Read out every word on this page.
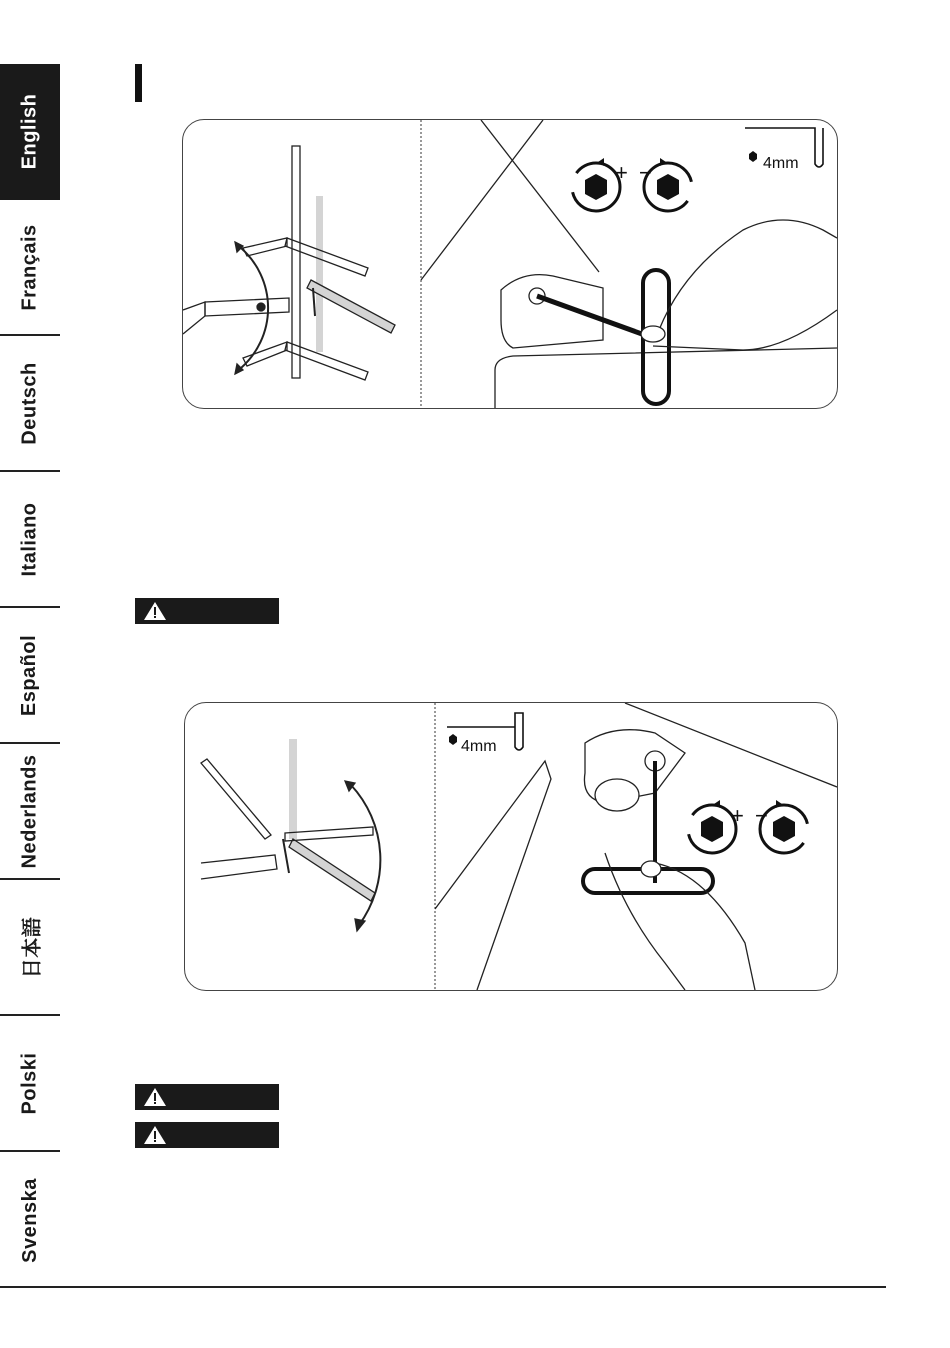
English
Français
Deutsch
Italiano
Español
Nederlands
日本語
Polski
Svenska
+ −	4mm
+ −
4mm
